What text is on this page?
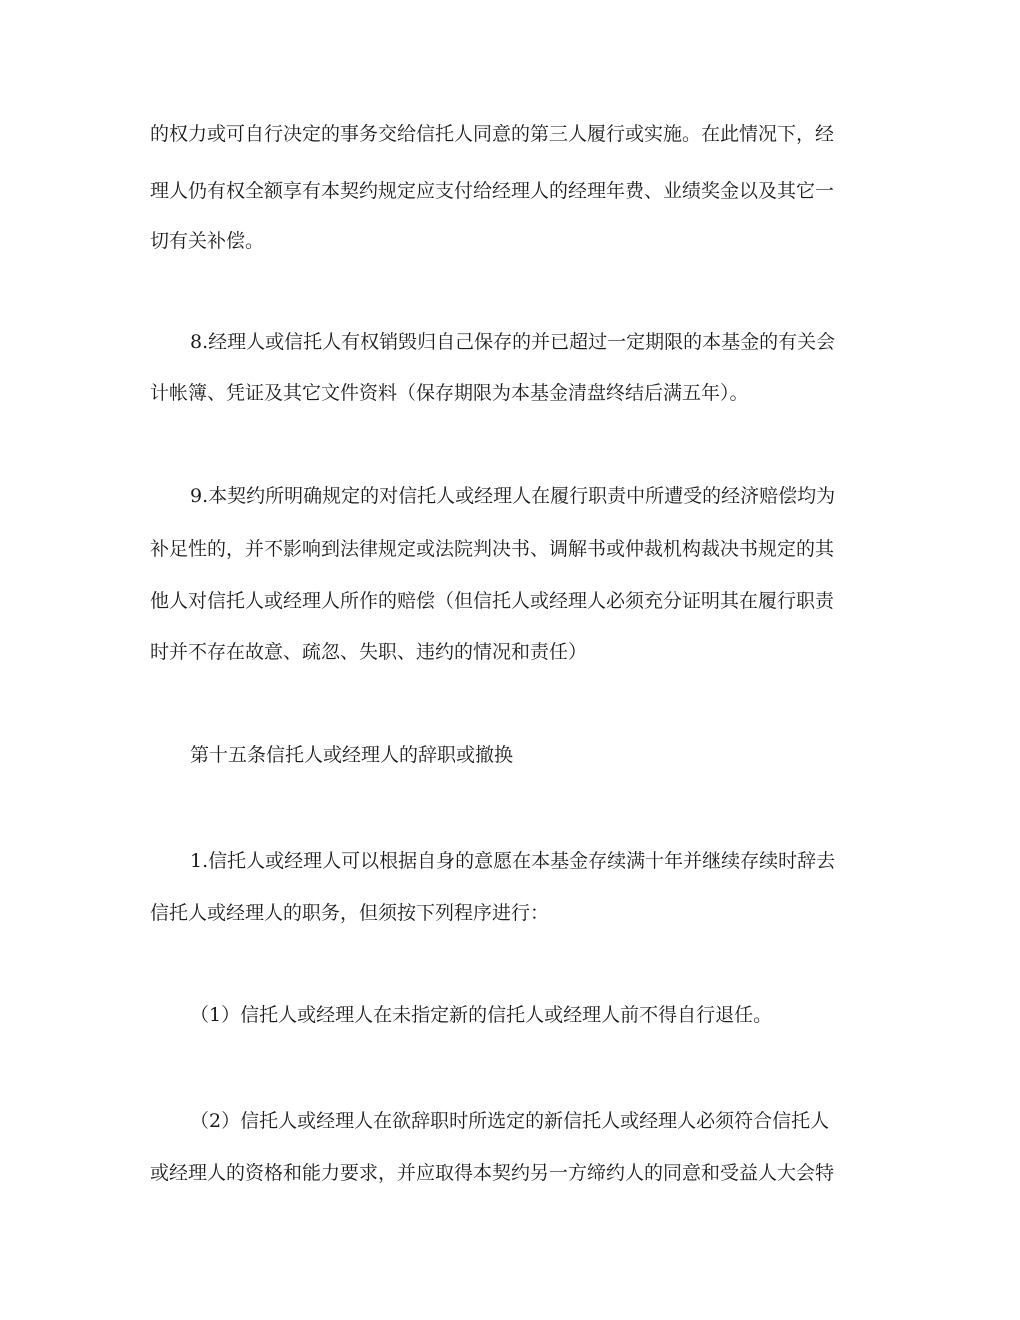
的权力或可自行决定的事务交给信托人同意的第三人履行或实施。在此情况下，经
理人仍有权全额享有本契约规定应支付给经理人的经理年费、业绩奖金以及其它一
切有关补偿。
8.经理人或信托人有权销毁归自己保存的并已超过一定期限的本基金的有关会
计帐簿、凭证及其它文件资料（保存期限为本基金清盘终结后满五年）。
9.本契约所明确规定的对信托人或经理人在履行职责中所遭受的经济赔偿均为
补足性的，并不影响到法律规定或法院判决书、调解书或仲裁机构裁决书规定的其
他人对信托人或经理人所作的赔偿（但信托人或经理人必须充分证明其在履行职责
时并不存在故意、疏忽、失职、违约的情况和责任）
第十五条信托人或经理人的辞职或撤换
1.信托人或经理人可以根据自身的意愿在本基金存续满十年并继续存续时辞去
信托人或经理人的职务，但须按下列程序进行：
（1）信托人或经理人在未指定新的信托人或经理人前不得自行退任。
（2）信托人或经理人在欲辞职时所选定的新信托人或经理人必须符合信托人
或经理人的资格和能力要求，并应取得本契约另一方缔约人的同意和受益人大会特
